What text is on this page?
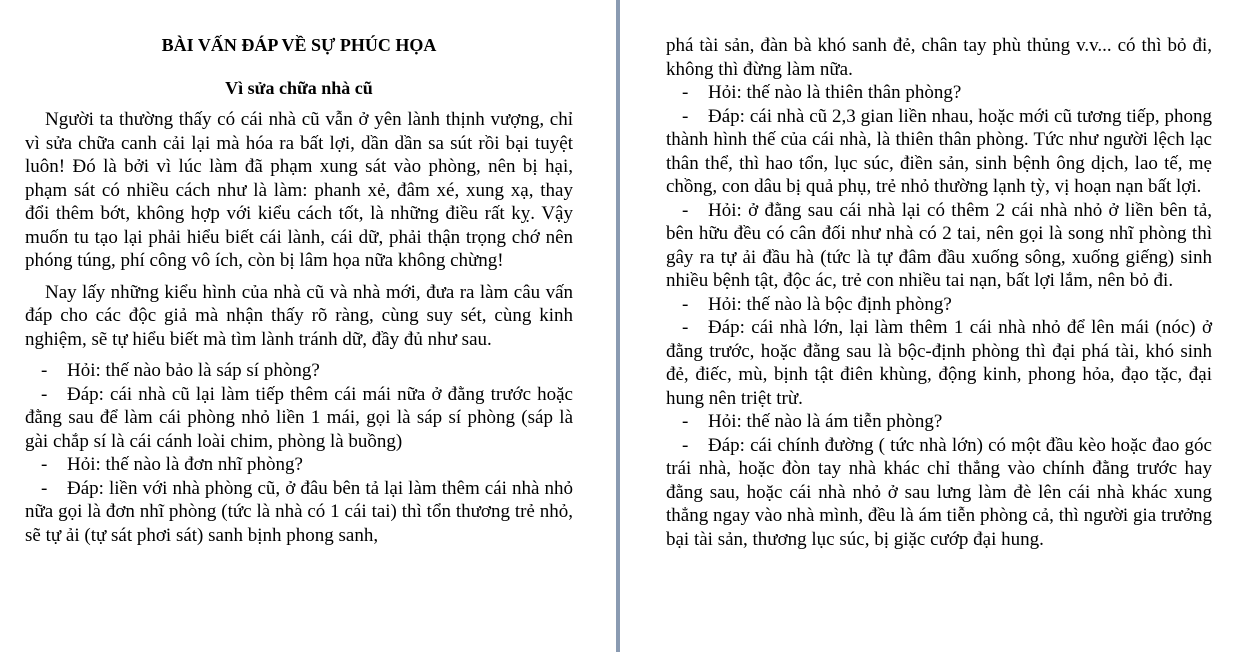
BÀI VẤN ĐÁP VỀ SỰ PHÚC HỌA
Vì sửa chữa nhà cũ

Người ta thường thấy có cái nhà cũ vẫn ở yên lành thịnh vượng, chỉ vì sửa chữa canh cải lại mà hóa ra bất lợi, dần dần sa sút rồi bại tuyệt luôn! Đó là bởi vì lúc làm đã phạm xung sát vào phòng, nên bị hại, phạm sát có nhiều cách như là làm: phanh xẻ, đâm xé, xung xạ, thay đổi thêm bớt, không hợp với kiểu cách tốt, là những điều rất kỵ. Vậy muốn tu tạo lại phải hiểu biết cái lành, cái dữ, phải thận trọng chớ nên phóng túng, phí công vô ích, còn bị lâm họa nữa không chừng!

Nay lấy những kiểu hình của nhà cũ và nhà mới, đưa ra làm câu vấn đáp cho các độc giả mà nhận thấy rõ ràng, cùng suy sét, cùng kinh nghiệm, sẽ tự hiểu biết mà tìm lành tránh dữ, đầy đủ như sau.

- Hỏi: thế nào bảo là sáp sí phòng?

- Đáp: cái nhà cũ lại làm tiếp thêm cái mái nữa ở đằng trước hoặc đằng sau để làm cái phòng nhỏ liền 1 mái, gọi là sáp sí phòng (sáp là gài chắp sí là cái cánh loài chim, phòng là buồng)

- Hỏi: thế nào là đơn nhĩ phòng?

- Đáp: liền với nhà phòng cũ, ở đâu bên tả lại làm thêm cái nhà nhỏ nữa gọi là đơn nhĩ phòng (tức là nhà có 1 cái tai) thì tổn thương trẻ nhỏ, sẽ tự ải (tự sát phơi sát) sanh bịnh phong sanh,

phá tài sản, đàn bà khó sanh đẻ, chân tay phù thủng v.v... có thì bỏ đi, không thì đừng làm nữa.

- Hỏi: thế nào là thiên thân phòng?

- Đáp: cái nhà cũ 2,3 gian liền nhau, hoặc mới cũ tương tiếp, phong thành hình thế của cái nhà, là thiên thân phòng. Tức như người lệch lạc thân thể, thì hao tổn, lục súc, điền sản, sinh bệnh ông dịch, lao tế, mẹ chồng, con dâu bị quả phụ, trẻ nhỏ thường lạnh tỳ, vị hoạn nạn bất lợi.

- Hỏi: ở đằng sau cái nhà lại có thêm 2 cái nhà nhỏ ở liền bên tả, bên hữu đều có cân đối như nhà có 2 tai, nên gọi là song nhĩ phòng thì gây ra tự ải đầu hà (tức là tự đâm đầu xuống sông, xuống giếng) sinh nhiều bệnh tật, độc ác, trẻ con nhiều tai nạn, bất lợi lắm, nên bỏ đi.

- Hỏi: thế nào là bộc định phòng?

- Đáp: cái nhà lớn, lại làm thêm 1 cái nhà nhỏ để lên mái (nóc) ở đằng trước, hoặc đằng sau là bộc-định phòng thì đại phá tài, khó sinh đẻ, điếc, mù, bịnh tật điên khùng, động kinh, phong hỏa, đạo tặc, đại hung nên triệt trừ.

- Hỏi: thế nào là ám tiễn phòng?

- Đáp: cái chính đường ( tức nhà lớn) có một đầu kèo hoặc đao góc trái nhà, hoặc đòn tay nhà khác chỉ thẳng vào chính đằng trước hay đằng sau, hoặc cái nhà nhỏ ở sau lưng làm đè lên cái nhà khác xung thẳng ngay vào nhà mình, đều là ám tiễn phòng cả, thì người gia trưởng bại tài sản, thương lục súc, bị giặc cướp đại hung.
